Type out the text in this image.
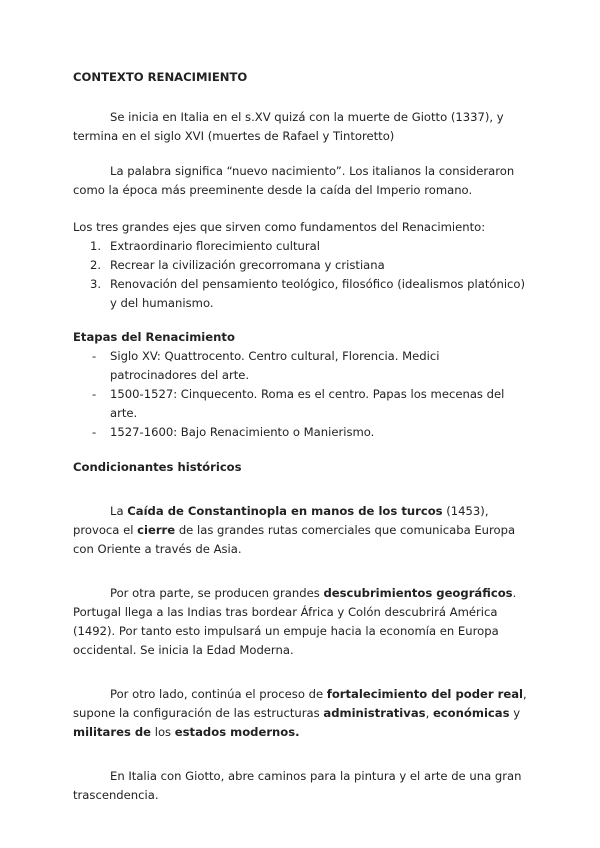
CONTEXTO RENACIMIENTO

Se inicia en Italia en el s.XV quizá con la muerte de Giotto (1337), y termina en el siglo XVI (muertes de Rafael y Tintoretto)

La palabra significa “nuevo nacimiento”. Los italianos la consideraron como la época más preeminente desde la caída del Imperio romano.

Los tres grandes ejes que sirven como fundamentos del Renacimiento:

1. Extraordinario florecimiento cultural
2. Recrear la civilización grecorromana y cristiana
3. Renovación del pensamiento teológico, filosófico (idealismos platónico) y del humanismo.

Etapas del Renacimiento

- Siglo XV: Quattrocento. Centro cultural, Florencia. Medici patrocinadores del arte.
- 1500-1527: Cinquecento. Roma es el centro. Papas los mecenas del arte.
- 1527-1600: Bajo Renacimiento o Manierismo.

Condicionantes históricos

La Caída de Constantinopla en manos de los turcos (1453), provoca el cierre de las grandes rutas comerciales que comunicaba Europa con Oriente a través de Asia.

Por otra parte, se producen grandes descubrimientos geográficos. Portugal llega a las Indias tras bordear África y Colón descubrirá América (1492). Por tanto esto impulsará un empuje hacia la economía en Europa occidental. Se inicia la Edad Moderna.

Por otro lado, continúa el proceso de fortalecimiento del poder real, supone la configuración de las estructuras administrativas, económicas y militares de los estados modernos.

En Italia con Giotto, abre caminos para la pintura y el arte de una gran trascendencia.
